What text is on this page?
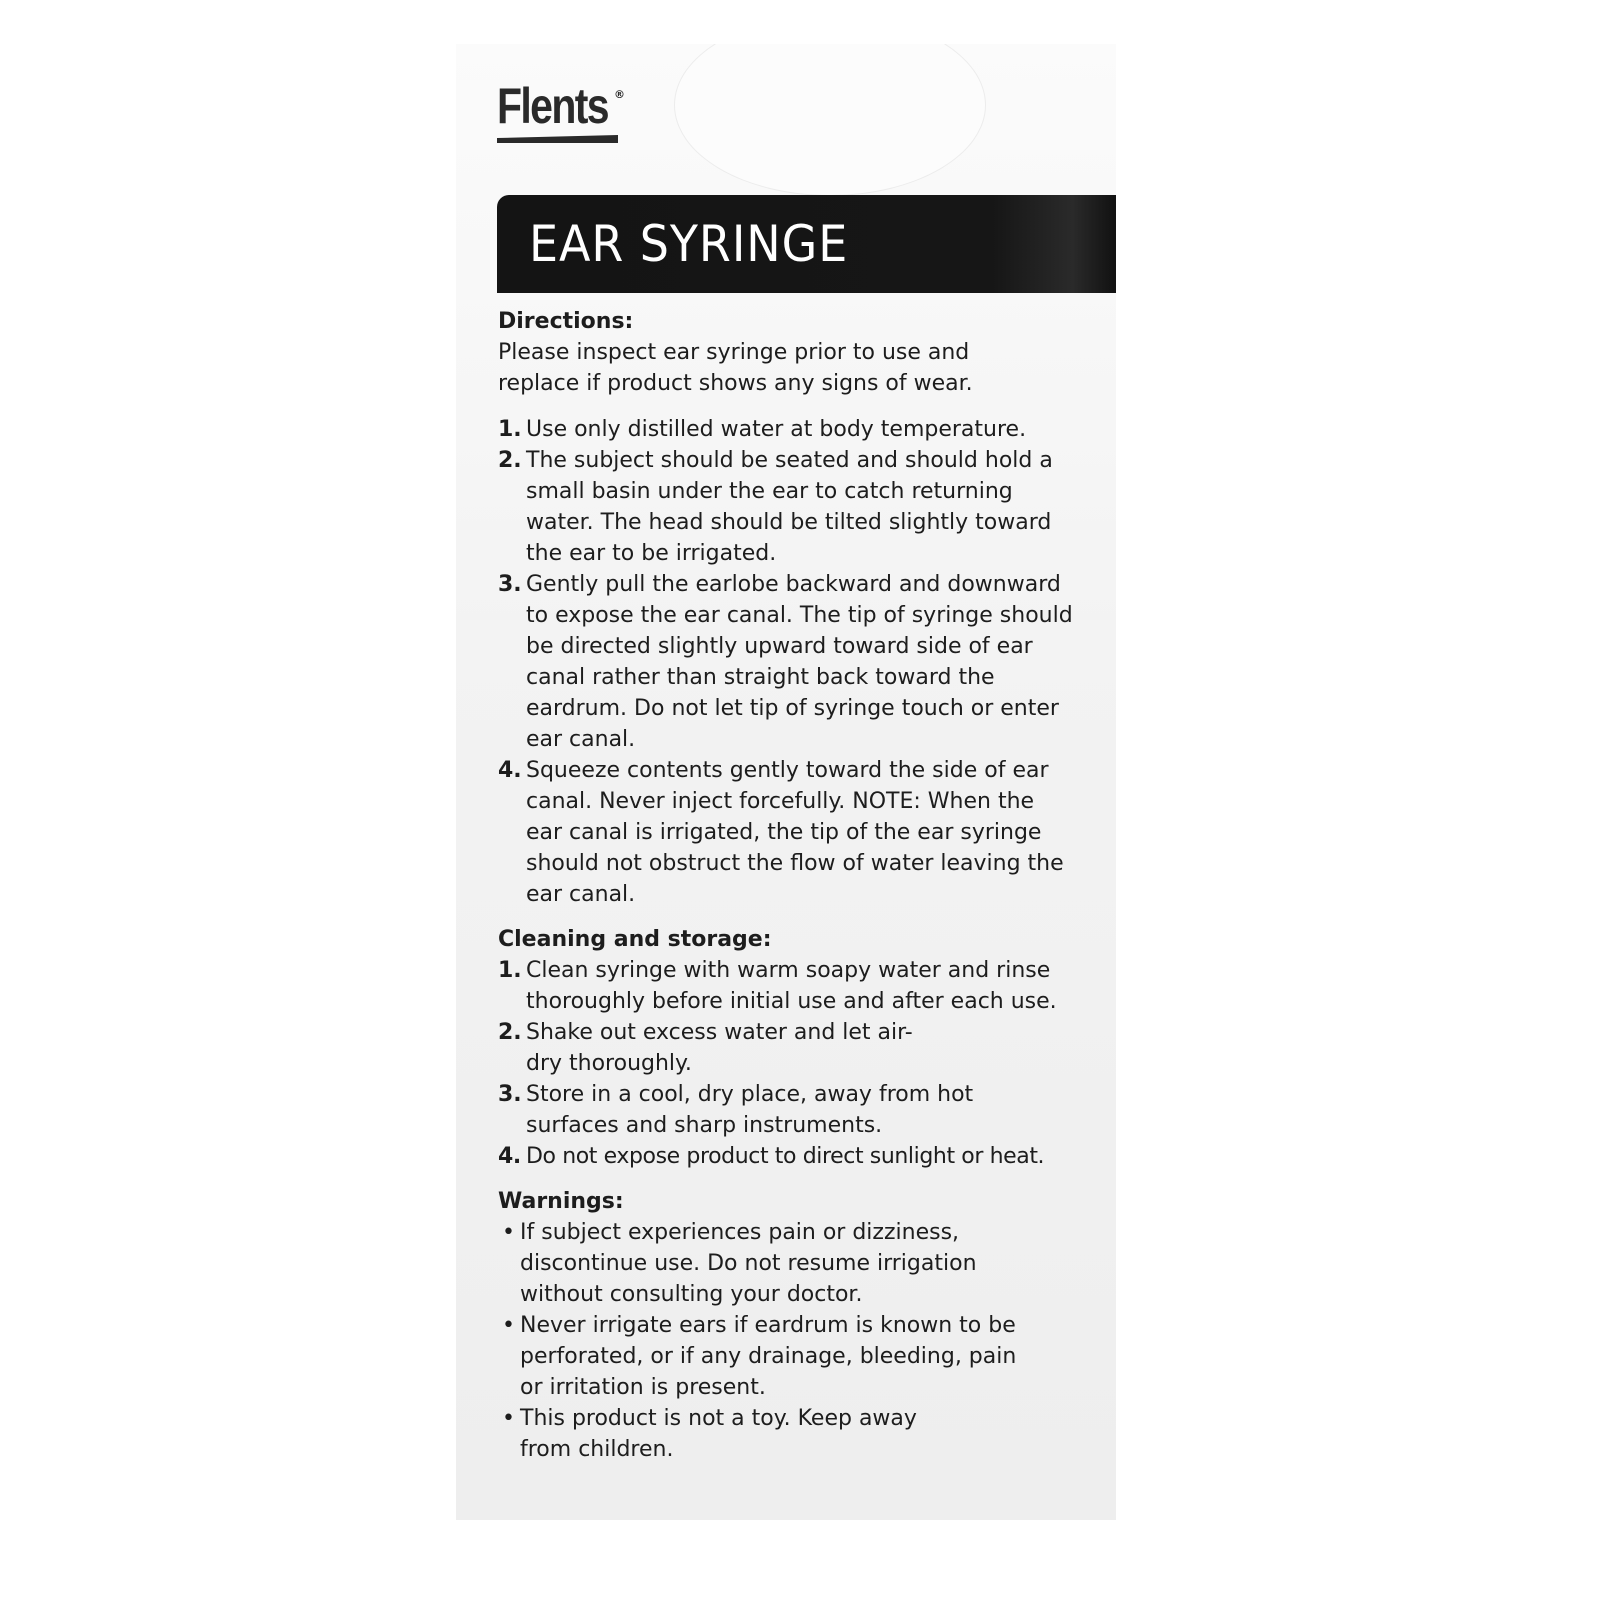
Flents ®
EAR SYRINGE
Directions:

Please inspect ear syringe prior to use and replace if product shows any signs of wear.

1. Use only distilled water at body temperature.
2. The subject should be seated and should hold a small basin under the ear to catch returning water. The head should be tilted slightly toward the ear to be irrigated.
3. Gently pull the earlobe backward and downward to expose the ear canal. The tip of syringe should be directed slightly upward toward side of ear canal rather than straight back toward the eardrum. Do not let tip of syringe touch or enter ear canal.
4. Squeeze contents gently toward the side of ear canal. Never inject forcefully. NOTE: When the ear canal is irrigated, the tip of the ear syringe should not obstruct the flow of water leaving the ear canal.
Cleaning and storage:
1. Clean syringe with warm soapy water and rinse thoroughly before initial use and after each use.
2. Shake out excess water and let air-dry thoroughly.
3. Store in a cool, dry place, away from hot surfaces and sharp instruments.
4. Do not expose product to direct sunlight or heat.
Warnings:
• If subject experiences pain or dizziness, discontinue use. Do not resume irrigation without consulting your doctor.
• Never irrigate ears if eardrum is known to be perforated, or if any drainage, bleeding, pain or irritation is present.
• This product is not a toy. Keep away from children.
